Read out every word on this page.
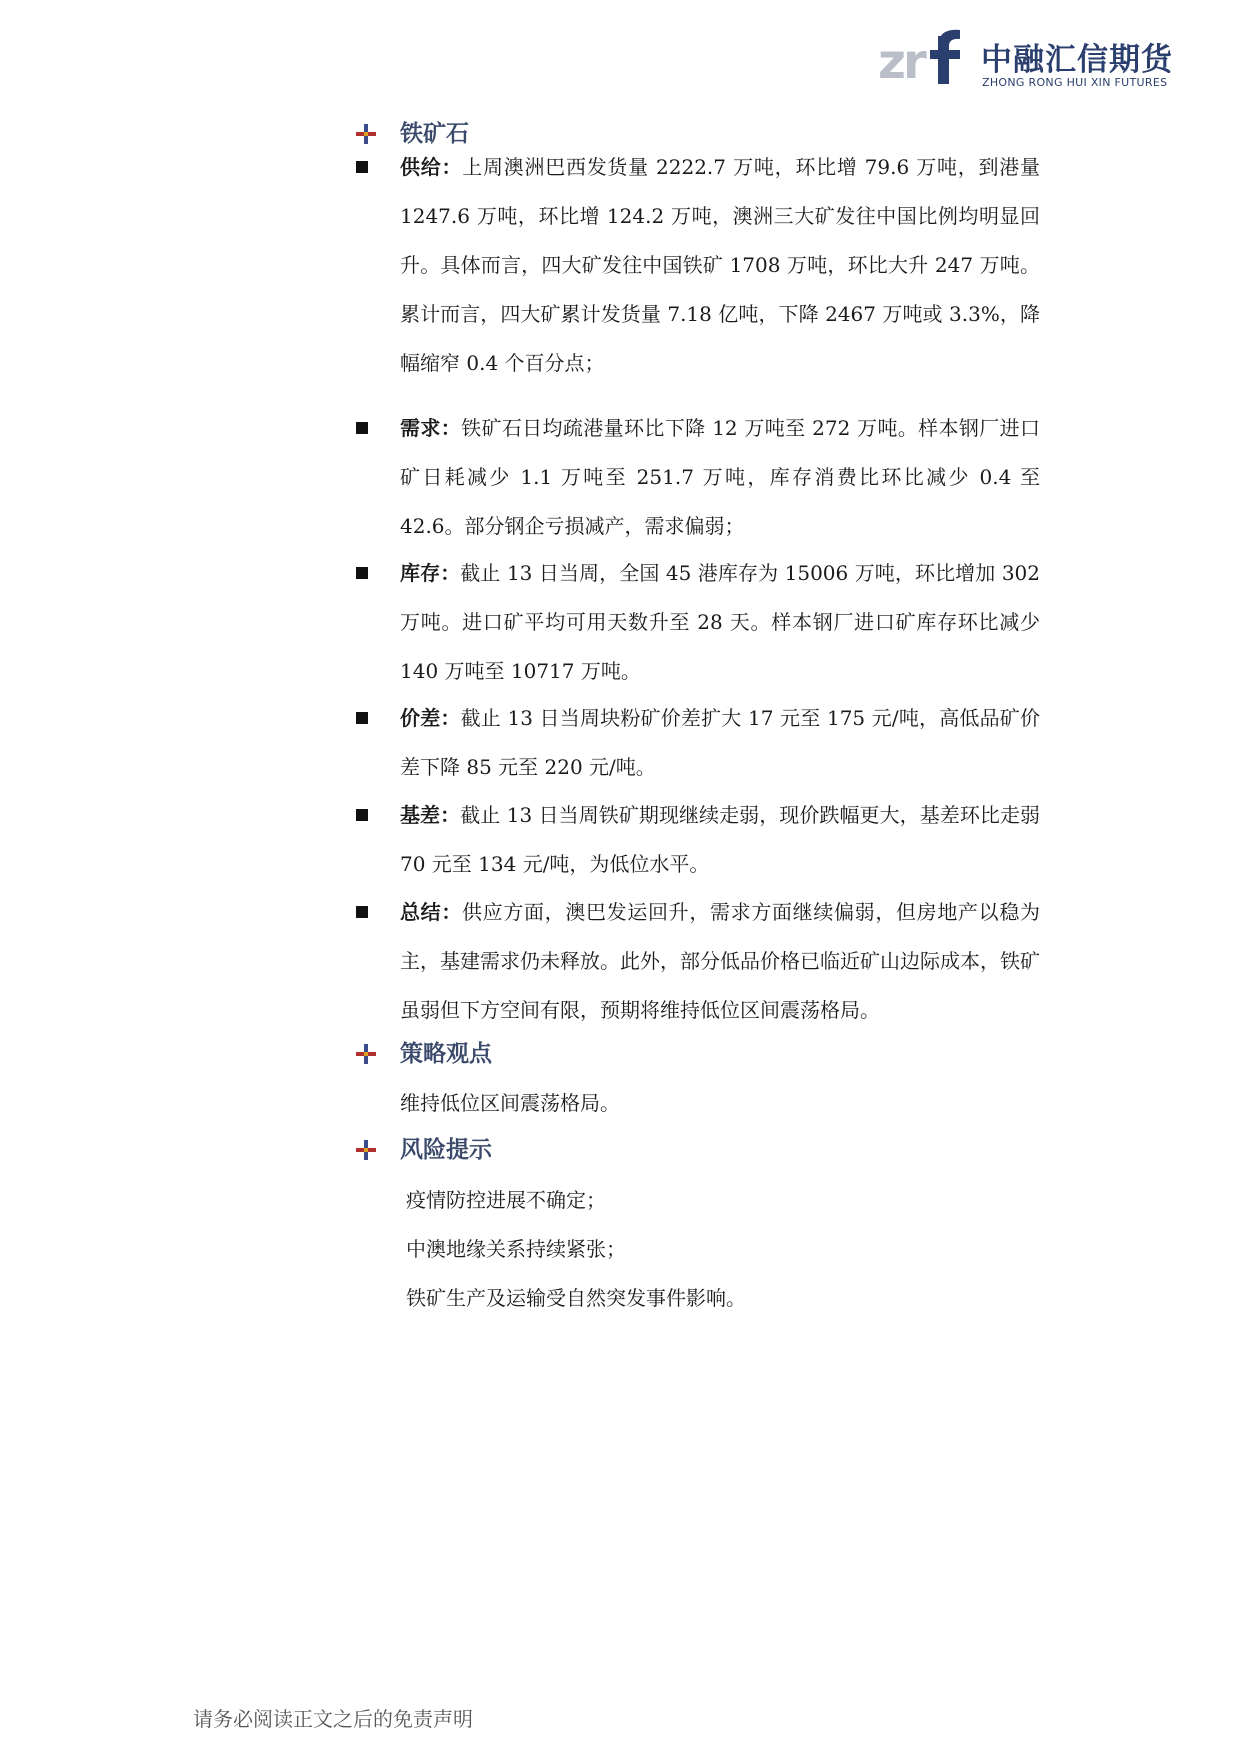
zr 中融汇信期货
ZHONG RONG HUI XIN FUTURES
铁矿石
供给：上周澳洲巴西发货量 2222.7 万吨，环比增 79.6 万吨，到港量 1247.6 万吨，环比增 124.2 万吨，澳洲三大矿发往中国比例均明显回升。具体而言，四大矿发往中国铁矿 1708 万吨，环比大升 247 万吨。累计而言，四大矿累计发货量 7.18 亿吨，下降 2467 万吨或 3.3%，降幅缩窄 0.4 个百分点；
需求：铁矿石日均疏港量环比下降 12 万吨至 272 万吨。样本钢厂进口矿日耗减少 1.1 万吨至 251.7 万吨，库存消费比环比减少 0.4 至 42.6。部分钢企亏损减产，需求偏弱；
库存：截止 13 日当周，全国 45 港库存为 15006 万吨，环比增加 302 万吨。进口矿平均可用天数升至 28 天。样本钢厂进口矿库存环比减少 140 万吨至 10717 万吨。
价差：截止 13 日当周块粉矿价差扩大 17 元至 175 元/吨，高低品矿价差下降 85 元至 220 元/吨。
基差：截止 13 日当周铁矿期现继续走弱，现价跌幅更大，基差环比走弱 70 元至 134 元/吨，为低位水平。
总结：供应方面，澳巴发运回升，需求方面继续偏弱，但房地产以稳为主，基建需求仍未释放。此外，部分低品价格已临近矿山边际成本，铁矿虽弱但下方空间有限，预期将维持低位区间震荡格局。
策略观点
维持低位区间震荡格局。
风险提示
疫情防控进展不确定；
中澳地缘关系持续紧张；
铁矿生产及运输受自然突发事件影响。
请务必阅读正文之后的免责声明
